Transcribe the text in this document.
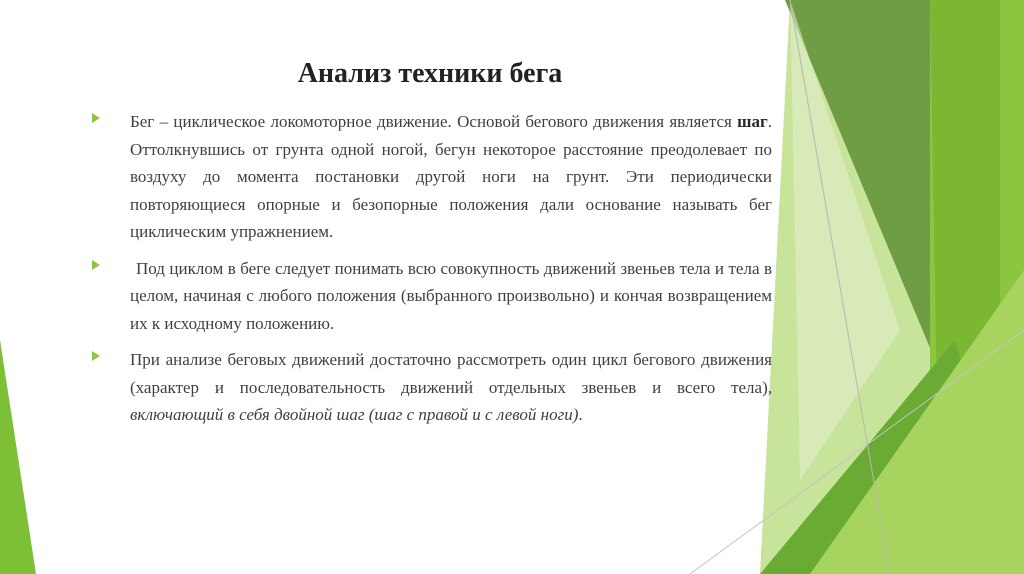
Анализ техники бега
Бег – циклическое локомоторное движение. Основой бегового движения является шаг. Оттолкнувшись от грунта одной ногой, бегун некоторое расстояние преодолевает по воздуху до момента постановки другой ноги на грунт. Эти периодически повторяющиеся опорные и безопорные положения дали основание называть бег циклическим упражнением.
Под циклом в беге следует понимать всю совокупность движений звеньев тела и тела в целом, начиная с любого положения (выбранного произвольно) и кончая возвращением их к исходному положению.
При анализе беговых движений достаточно рассмотреть один цикл бегового движения (характер и последовательность движений отдельных звеньев и всего тела), включающий в себя двойной шаг (шаг с правой и с левой ноги).
